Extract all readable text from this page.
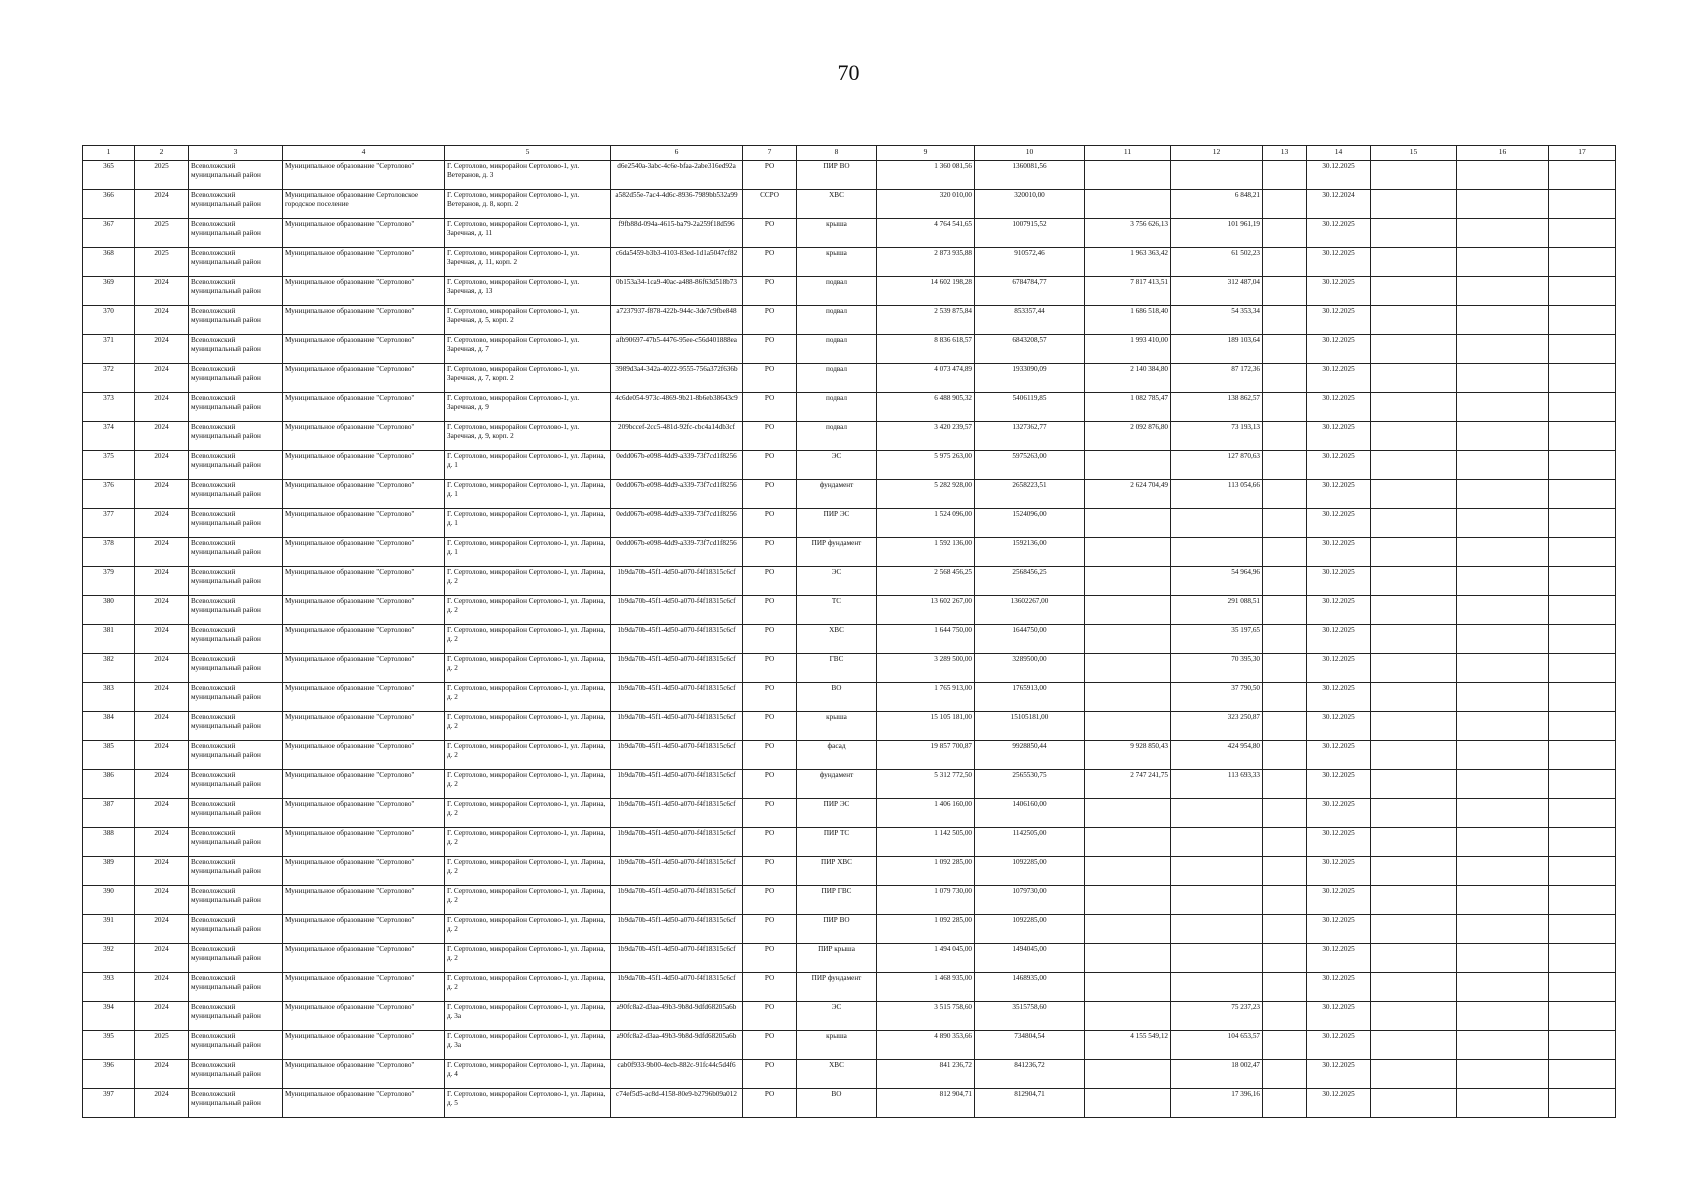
70
1	2	3	4	5	6	7	8	9	10	11	12	13	14	15	16	17
365	2025	Всеволожский муниципальный район	Муниципальное образование "Сертолово"	Г. Сертолово, микрорайон Сертолово-1, ул. Ветеранов, д. 3	d6e2540a-3abc-4c6e-bfaa-2abe316ed92a	РО	ПИР ВО	1 360 081,56	1360081,56				30.12.2025			
366	2024	Всеволожский муниципальный район	Муниципальное образование Сертоловское городское поселение	Г. Сертолово, микрорайон Сертолово-1, ул. Ветеранов, д. 8, корп. 2	a582d55e-7ac4-4d6c-8936-7989bb532a99	ССРО	ХВС	320 010,00	320010,00		6 848,21		30.12.2024			
367	2025	Всеволожский муниципальный район	Муниципальное образование "Сертолово"	Г. Сертолово, микрорайон Сертолово-1, ул. Заречная, д. 11	f9fb88d-094a-4615-ba79-2a259f18d596	РО	крыша	4 764 541,65	1007915,52	3 756 626,13	101 961,19		30.12.2025			
368	2025	Всеволожский муниципальный район	Муниципальное образование "Сертолово"	Г. Сертолово, микрорайон Сертолово-1, ул. Заречная, д. 11, корп. 2	c6da5459-b3b3-4103-83ed-1d1a5047cf82	РО	крыша	2 873 935,88	910572,46	1 963 363,42	61 502,23		30.12.2025			
369	2024	Всеволожский муниципальный район	Муниципальное образование "Сертолово"	Г. Сертолово, микрорайон Сертолово-1, ул. Заречная, д. 13	0b153a34-1ca9-40ac-a488-86f63d518b73	РО	подвал	14 602 198,28	6784784,77	7 817 413,51	312 487,04		30.12.2025			
370	2024	Всеволожский муниципальный район	Муниципальное образование "Сертолово"	Г. Сертолово, микрорайон Сертолово-1, ул. Заречная, д. 5, корп. 2	a7237937-f878-422b-944c-3de7c9fbe848	РО	подвал	2 539 875,84	853357,44	1 686 518,40	54 353,34		30.12.2025			
371	2024	Всеволожский муниципальный район	Муниципальное образование "Сертолово"	Г. Сертолово, микрорайон Сертолово-1, ул. Заречная, д. 7	afb90697-47b5-4476-95ee-c56d401888ea	РО	подвал	8 836 618,57	6843208,57	1 993 410,00	189 103,64		30.12.2025			
372	2024	Всеволожский муниципальный район	Муниципальное образование "Сертолово"	Г. Сертолово, микрорайон Сертолово-1, ул. Заречная, д. 7, корп. 2	3989d3a4-342a-4022-9555-756a372f636b	РО	подвал	4 073 474,89	1933090,09	2 140 384,80	87 172,36		30.12.2025			
373	2024	Всеволожский муниципальный район	Муниципальное образование "Сертолово"	Г. Сертолово, микрорайон Сертолово-1, ул. Заречная, д. 9	4c6de054-973c-4869-9b21-8b6eb38643c9	РО	подвал	6 488 905,32	5406119,85	1 082 785,47	138 862,57		30.12.2025			
374	2024	Всеволожский муниципальный район	Муниципальное образование "Сертолово"	Г. Сертолово, микрорайон Сертолово-1, ул. Заречная, д. 9, корп. 2	209bccef-2cc5-481d-92fc-cbc4a14db3cf	РО	подвал	3 420 239,57	1327362,77	2 092 876,80	73 193,13		30.12.2025			
375	2024	Всеволожский муниципальный район	Муниципальное образование "Сертолово"	Г. Сертолово, микрорайон Сертолово-1, ул. Ларина, д. 1	0edd067b-e098-4dd9-a339-73f7cd1f8256	РО	ЭС	5 975 263,00	5975263,00		127 870,63		30.12.2025			
376	2024	Всеволожский муниципальный район	Муниципальное образование "Сертолово"	Г. Сертолово, микрорайон Сертолово-1, ул. Ларина, д. 1	0edd067b-e098-4dd9-a339-73f7cd1f8256	РО	фундамент	5 282 928,00	2658223,51	2 624 704,49	113 054,66		30.12.2025			
377	2024	Всеволожский муниципальный район	Муниципальное образование "Сертолово"	Г. Сертолово, микрорайон Сертолово-1, ул. Ларина, д. 1	0edd067b-e098-4dd9-a339-73f7cd1f8256	РО	ПИР ЭС	1 524 096,00	1524096,00				30.12.2025			
378	2024	Всеволожский муниципальный район	Муниципальное образование "Сертолово"	Г. Сертолово, микрорайон Сертолово-1, ул. Ларина, д. 1	0edd067b-e098-4dd9-a339-73f7cd1f8256	РО	ПИР фундамент	1 592 136,00	1592136,00				30.12.2025			
379	2024	Всеволожский муниципальный район	Муниципальное образование "Сертолово"	Г. Сертолово, микрорайон Сертолово-1, ул. Ларина, д. 2	1b9da70b-45f1-4d50-a070-f4f18315c6cf	РО	ЭС	2 568 456,25	2568456,25		54 964,96		30.12.2025			
380	2024	Всеволожский муниципальный район	Муниципальное образование "Сертолово"	Г. Сертолово, микрорайон Сертолово-1, ул. Ларина, д. 2	1b9da70b-45f1-4d50-a070-f4f18315c6cf	РО	ТС	13 602 267,00	13602267,00		291 088,51		30.12.2025			
381	2024	Всеволожский муниципальный район	Муниципальное образование "Сертолово"	Г. Сертолово, микрорайон Сертолово-1, ул. Ларина, д. 2	1b9da70b-45f1-4d50-a070-f4f18315c6cf	РО	ХВС	1 644 750,00	1644750,00		35 197,65		30.12.2025			
382	2024	Всеволожский муниципальный район	Муниципальное образование "Сертолово"	Г. Сертолово, микрорайон Сертолово-1, ул. Ларина, д. 2	1b9da70b-45f1-4d50-a070-f4f18315c6cf	РО	ГВС	3 289 500,00	3289500,00		70 395,30		30.12.2025			
383	2024	Всеволожский муниципальный район	Муниципальное образование "Сертолово"	Г. Сертолово, микрорайон Сертолово-1, ул. Ларина, д. 2	1b9da70b-45f1-4d50-a070-f4f18315c6cf	РО	ВО	1 765 913,00	1765913,00		37 790,50		30.12.2025			
384	2024	Всеволожский муниципальный район	Муниципальное образование "Сертолово"	Г. Сертолово, микрорайон Сертолово-1, ул. Ларина, д. 2	1b9da70b-45f1-4d50-a070-f4f18315c6cf	РО	крыша	15 105 181,00	15105181,00		323 250,87		30.12.2025			
385	2024	Всеволожский муниципальный район	Муниципальное образование "Сертолово"	Г. Сертолово, микрорайон Сертолово-1, ул. Ларина, д. 2	1b9da70b-45f1-4d50-a070-f4f18315c6cf	РО	фасад	19 857 700,87	9928850,44	9 928 850,43	424 954,80		30.12.2025			
386	2024	Всеволожский муниципальный район	Муниципальное образование "Сертолово"	Г. Сертолово, микрорайон Сертолово-1, ул. Ларина, д. 2	1b9da70b-45f1-4d50-a070-f4f18315c6cf	РО	фундамент	5 312 772,50	2565530,75	2 747 241,75	113 693,33		30.12.2025			
387	2024	Всеволожский муниципальный район	Муниципальное образование "Сертолово"	Г. Сертолово, микрорайон Сертолово-1, ул. Ларина, д. 2	1b9da70b-45f1-4d50-a070-f4f18315c6cf	РО	ПИР ЭС	1 406 160,00	1406160,00				30.12.2025			
388	2024	Всеволожский муниципальный район	Муниципальное образование "Сертолово"	Г. Сертолово, микрорайон Сертолово-1, ул. Ларина, д. 2	1b9da70b-45f1-4d50-a070-f4f18315c6cf	РО	ПИР ТС	1 142 505,00	1142505,00				30.12.2025			
389	2024	Всеволожский муниципальный район	Муниципальное образование "Сертолово"	Г. Сертолово, микрорайон Сертолово-1, ул. Ларина, д. 2	1b9da70b-45f1-4d50-a070-f4f18315c6cf	РО	ПИР ХВС	1 092 285,00	1092285,00				30.12.2025			
390	2024	Всеволожский муниципальный район	Муниципальное образование "Сертолово"	Г. Сертолово, микрорайон Сертолово-1, ул. Ларина, д. 2	1b9da70b-45f1-4d50-a070-f4f18315c6cf	РО	ПИР ГВС	1 079 730,00	1079730,00				30.12.2025			
391	2024	Всеволожский муниципальный район	Муниципальное образование "Сертолово"	Г. Сертолово, микрорайон Сертолово-1, ул. Ларина, д. 2	1b9da70b-45f1-4d50-a070-f4f18315c6cf	РО	ПИР ВО	1 092 285,00	1092285,00				30.12.2025			
392	2024	Всеволожский муниципальный район	Муниципальное образование "Сертолово"	Г. Сертолово, микрорайон Сертолово-1, ул. Ларина, д. 2	1b9da70b-45f1-4d50-a070-f4f18315c6cf	РО	ПИР крыша	1 494 045,00	1494045,00				30.12.2025			
393	2024	Всеволожский муниципальный район	Муниципальное образование "Сертолово"	Г. Сертолово, микрорайон Сертолово-1, ул. Ларина, д. 2	1b9da70b-45f1-4d50-a070-f4f18315c6cf	РО	ПИР фундамент	1 468 935,00	1468935,00				30.12.2025			
394	2024	Всеволожский муниципальный район	Муниципальное образование "Сертолово"	Г. Сертолово, микрорайон Сертолово-1, ул. Ларина, д. 3а	a90fc8a2-d3aa-49b3-9b8d-9dfd68205a6b	РО	ЭС	3 515 758,60	3515758,60		75 237,23		30.12.2025			
395	2025	Всеволожский муниципальный район	Муниципальное образование "Сертолово"	Г. Сертолово, микрорайон Сертолово-1, ул. Ларина, д. 3а	a90fc8a2-d3aa-49b3-9b8d-9dfd68205a6b	РО	крыша	4 890 353,66	734804,54	4 155 549,12	104 653,57		30.12.2025			
396	2024	Всеволожский муниципальный район	Муниципальное образование "Сертолово"	Г. Сертолово, микрорайон Сертолово-1, ул. Ларина, д. 4	cab0f933-9b00-4ecb-882c-91fc44c5d4f6	РО	ХВС	841 236,72	841236,72		18 002,47		30.12.2025			
397	2024	Всеволожский муниципальный район	Муниципальное образование "Сертолово"	Г. Сертолово, микрорайон Сертолово-1, ул. Ларина, д. 5	c74ef5d5-ac8d-4158-80e9-b2796b09a012	РО	ВО	812 904,71	812904,71		17 396,16		30.12.2025			
